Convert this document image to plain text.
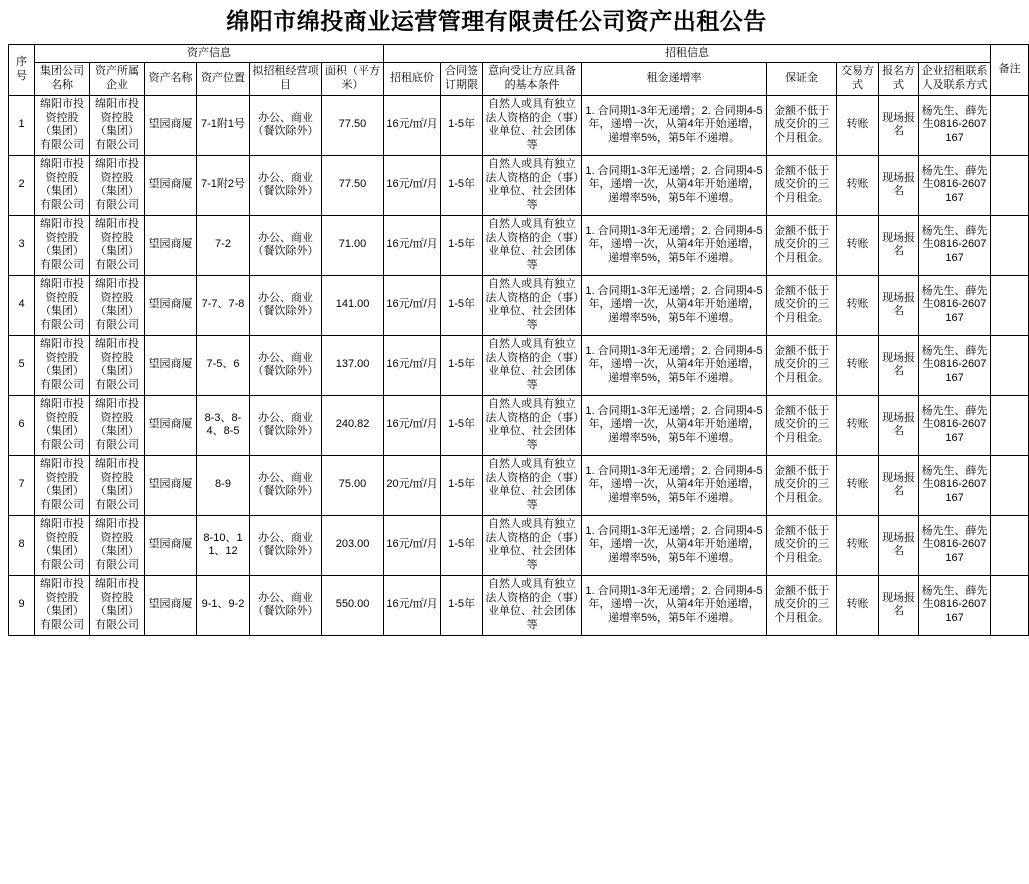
绵阳市绵投商业运营管理有限责任公司资产出租公告
序号	资产信息						招租信息								备注
	集团公司名称	资产所属企业	资产名称	资产位置	拟招租经营项目	面积（平方米）	招租底价	合同签订期限	意向受让方应具备的基本条件	租金递增率	保证金	交易方式	报名方式	企业招租联系人及联系方式	
1	绵阳市投资控股（集团）有限公司	绵阳市投资控股（集团）有限公司	望园商厦	7-1附1号	办公、商业（餐饮除外）	77.50	16元/㎡/月	1-5年	自然人或具有独立法人资格的企（事）业单位、社会团体等	1. 合同期1-3年无递增；2. 合同期4-5年，递增一次，从第4年开始递增，递增率5%，第5年不递增。	金额不低于成交价的三个月租金。	转账	现场报名	杨先生、薛先生0816-2607167	
2	绵阳市投资控股（集团）有限公司	绵阳市投资控股（集团）有限公司	望园商厦	7-1附2号	办公、商业（餐饮除外）	77.50	16元/㎡/月	1-5年	自然人或具有独立法人资格的企（事）业单位、社会团体等	1. 合同期1-3年无递增；2. 合同期4-5年，递增一次，从第4年开始递增，递增率5%，第5年不递增。	金额不低于成交价的三个月租金。	转账	现场报名	杨先生、薛先生0816-2607167	
3	绵阳市投资控股（集团）有限公司	绵阳市投资控股（集团）有限公司	望园商厦	7-2	办公、商业（餐饮除外）	71.00	16元/㎡/月	1-5年	自然人或具有独立法人资格的企（事）业单位、社会团体等	1. 合同期1-3年无递增；2. 合同期4-5年，递增一次，从第4年开始递增，递增率5%，第5年不递增。	金额不低于成交价的三个月租金。	转账	现场报名	杨先生、薛先生0816-2607167	
4	绵阳市投资控股（集团）有限公司	绵阳市投资控股（集团）有限公司	望园商厦	7-7、7-8	办公、商业（餐饮除外）	141.00	16元/㎡/月	1-5年	自然人或具有独立法人资格的企（事）业单位、社会团体等	1. 合同期1-3年无递增；2. 合同期4-5年，递增一次，从第4年开始递增，递增率5%，第5年不递增。	金额不低于成交价的三个月租金。	转账	现场报名	杨先生、薛先生0816-2607167	
5	绵阳市投资控股（集团）有限公司	绵阳市投资控股（集团）有限公司	望园商厦	7-5、6	办公、商业（餐饮除外）	137.00	16元/㎡/月	1-5年	自然人或具有独立法人资格的企（事）业单位、社会团体等	1. 合同期1-3年无递增；2. 合同期4-5年，递增一次，从第4年开始递增，递增率5%，第5年不递增。	金额不低于成交价的三个月租金。	转账	现场报名	杨先生、薛先生0816-2607167	
6	绵阳市投资控股（集团）有限公司	绵阳市投资控股（集团）有限公司	望园商厦	8-3、8-4、8-5	办公、商业（餐饮除外）	240.82	16元/㎡/月	1-5年	自然人或具有独立法人资格的企（事）业单位、社会团体等	1. 合同期1-3年无递增；2. 合同期4-5年，递增一次，从第4年开始递增，递增率5%，第5年不递增。	金额不低于成交价的三个月租金。	转账	现场报名	杨先生、薛先生0816-2607167	
7	绵阳市投资控股（集团）有限公司	绵阳市投资控股（集团）有限公司	望园商厦	8-9	办公、商业（餐饮除外）	75.00	20元/㎡/月	1-5年	自然人或具有独立法人资格的企（事）业单位、社会团体等	1. 合同期1-3年无递增；2. 合同期4-5年，递增一次，从第4年开始递增，递增率5%，第5年不递增。	金额不低于成交价的三个月租金。	转账	现场报名	杨先生、薛先生0816-2607167	
8	绵阳市投资控股（集团）有限公司	绵阳市投资控股（集团）有限公司	望园商厦	8-10、11、12	办公、商业（餐饮除外）	203.00	16元/㎡/月	1-5年	自然人或具有独立法人资格的企（事）业单位、社会团体等	1. 合同期1-3年无递增；2. 合同期4-5年，递增一次，从第4年开始递增，递增率5%，第5年不递增。	金额不低于成交价的三个月租金。	转账	现场报名	杨先生、薛先生0816-2607167	
9	绵阳市投资控股（集团）有限公司	绵阳市投资控股（集团）有限公司	望园商厦	9-1、9-2	办公、商业（餐饮除外）	550.00	16元/㎡/月	1-5年	自然人或具有独立法人资格的企（事）业单位、社会团体等	1. 合同期1-3年无递增；2. 合同期4-5年，递增一次，从第4年开始递增，递增率5%，第5年不递增。	金额不低于成交价的三个月租金。	转账	现场报名	杨先生、薛先生0816-2607167	
